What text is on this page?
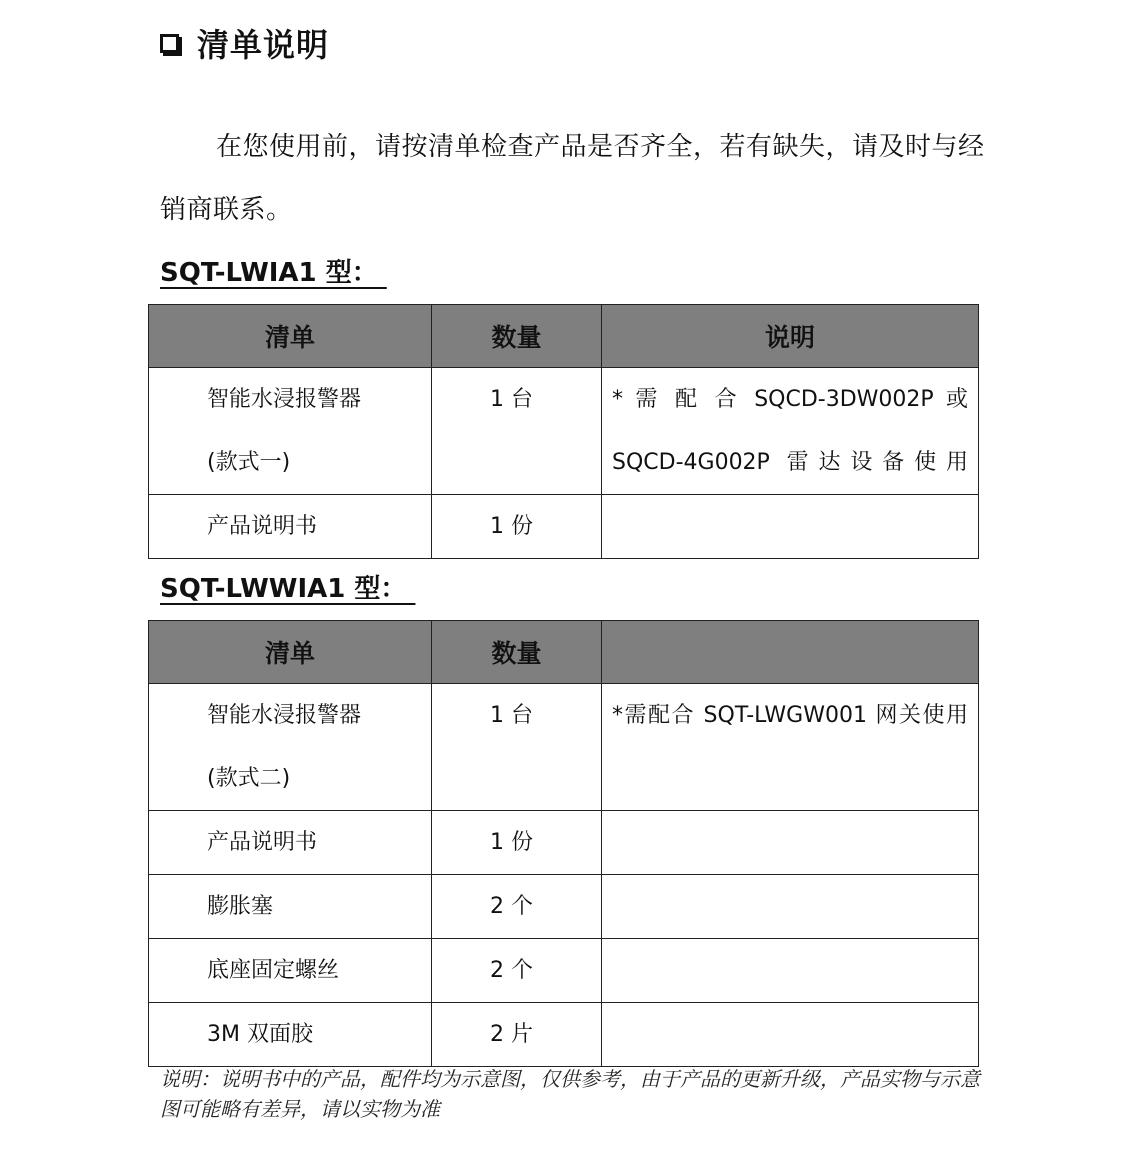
清单说明
在您使用前，请按清单检查产品是否齐全，若有缺失，请及时与经销商联系。
SQT-LWIA1 型：
清单	数量	说明
智能水浸报警器
(款式一)	1 台	* 需 配 合 SQCD-3DW002P 或 SQCD-4G002P 雷达设备使用
产品说明书	1 份	
SQT-LWWIA1 型：
清单	数量	
智能水浸报警器
(款式二)	1 台	*需配合 SQT-LWGW001 网关使用
产品说明书	1 份	
膨胀塞	2 个	
底座固定螺丝	2 个	
3M 双面胶	2 片	
说明：说明书中的产品，配件均为示意图，仅供参考，由于产品的更新升级，产品实物与示意图可能略有差异，请以实物为准
